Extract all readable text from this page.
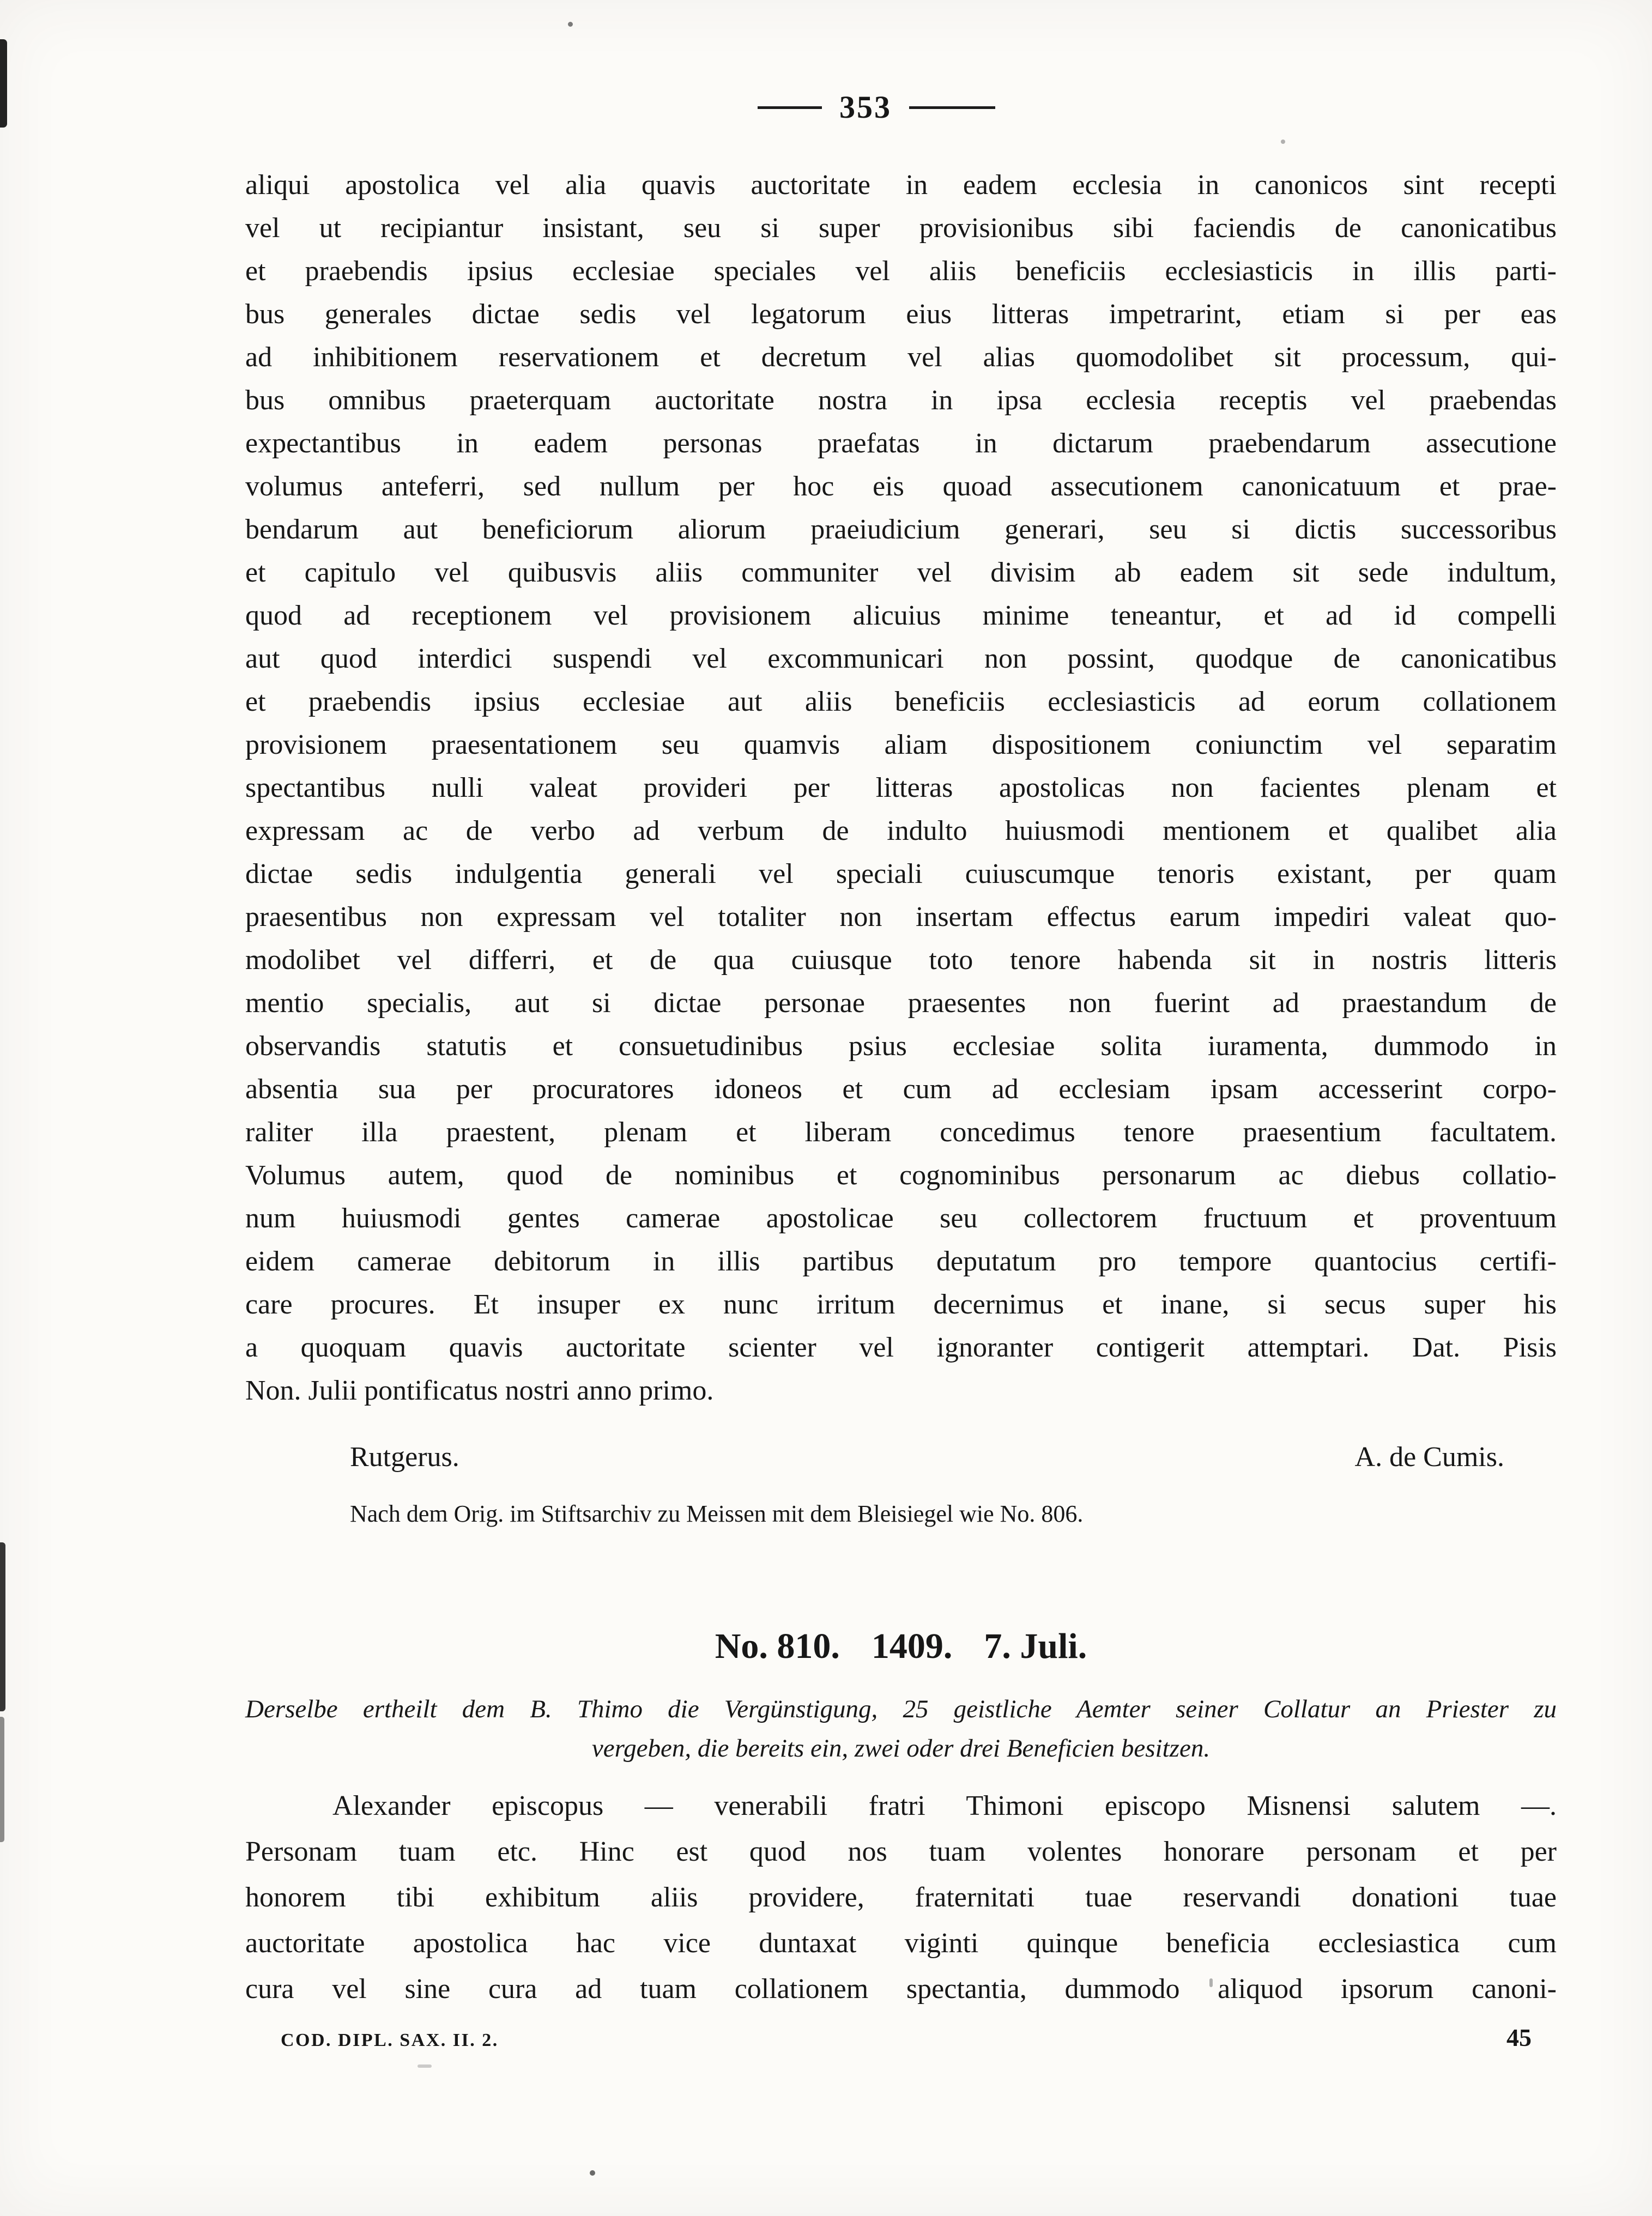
353
aliqui apostolica vel alia quavis auctoritate in eadem ecclesia in canonicos sint recepti
vel ut recipiantur insistant, seu si super provisionibus sibi faciendis de canonicatibus
et praebendis ipsius ecclesiae speciales vel aliis beneficiis ecclesiasticis in illis parti-
bus generales dictae sedis vel legatorum eius litteras impetrarint, etiam si per eas
ad inhibitionem reservationem et decretum vel alias quomodolibet sit processum, qui-
bus omnibus praeterquam auctoritate nostra in ipsa ecclesia receptis vel praebendas
expectantibus in eadem personas praefatas in dictarum praebendarum assecutione
volumus anteferri, sed nullum per hoc eis quoad assecutionem canonicatuum et prae-
bendarum aut beneficiorum aliorum praeiudicium generari, seu si dictis successoribus
et capitulo vel quibusvis aliis communiter vel divisim ab eadem sit sede indultum,
quod ad receptionem vel provisionem alicuius minime teneantur, et ad id compelli
aut quod interdici suspendi vel excommunicari non possint, quodque de canonicatibus
et praebendis ipsius ecclesiae aut aliis beneficiis ecclesiasticis ad eorum collationem
provisionem praesentationem seu quamvis aliam dispositionem coniunctim vel separatim
spectantibus nulli valeat provideri per litteras apostolicas non facientes plenam et
expressam ac de verbo ad verbum de indulto huiusmodi mentionem et qualibet alia
dictae sedis indulgentia generali vel speciali cuiuscumque tenoris existant, per quam
praesentibus non expressam vel totaliter non insertam effectus earum impediri valeat quo-
modolibet vel differri, et de qua cuiusque toto tenore habenda sit in nostris litteris
mentio specialis, aut si dictae personae praesentes non fuerint ad praestandum de
observandis statutis et consuetudinibus psius ecclesiae solita iuramenta, dummodo in
absentia sua per procuratores idoneos et cum ad ecclesiam ipsam accesserint corpo-
raliter illa praestent, plenam et liberam concedimus tenore praesentium facultatem.
Volumus autem, quod de nominibus et cognominibus personarum ac diebus collatio-
num huiusmodi gentes camerae apostolicae seu collectorem fructuum et proventuum
eidem camerae debitorum in illis partibus deputatum pro tempore quantocius certifi-
care procures. Et insuper ex nunc irritum decernimus et inane, si secus super his
a quoquam quavis auctoritate scienter vel ignoranter contigerit attemptari. Dat. Pisis
Non. Julii pontificatus nostri anno primo.
Rutgerus.	A. de Cumis.
Nach dem Orig. im Stiftsarchiv zu Meissen mit dem Bleisiegel wie No. 806.
No. 810. 1409. 7. Juli.
Derselbe ertheilt dem B. Thimo die Vergünstigung, 25 geistliche Aemter seiner Collatur an Priester zu
vergeben, die bereits ein, zwei oder drei Beneficien besitzen.
Alexander episcopus — venerabili fratri Thimoni episcopo Misnensi salutem —.
Personam tuam etc. Hinc est quod nos tuam volentes honorare personam et per
honorem tibi exhibitum aliis providere, fraternitati tuae reservandi donationi tuae
auctoritate apostolica hac vice duntaxat viginti quinque beneficia ecclesiastica cum
cura vel sine cura ad tuam collationem spectantia, dummodo aliquod ipsorum canoni-
COD. DIPL. SAX. II. 2.	45
